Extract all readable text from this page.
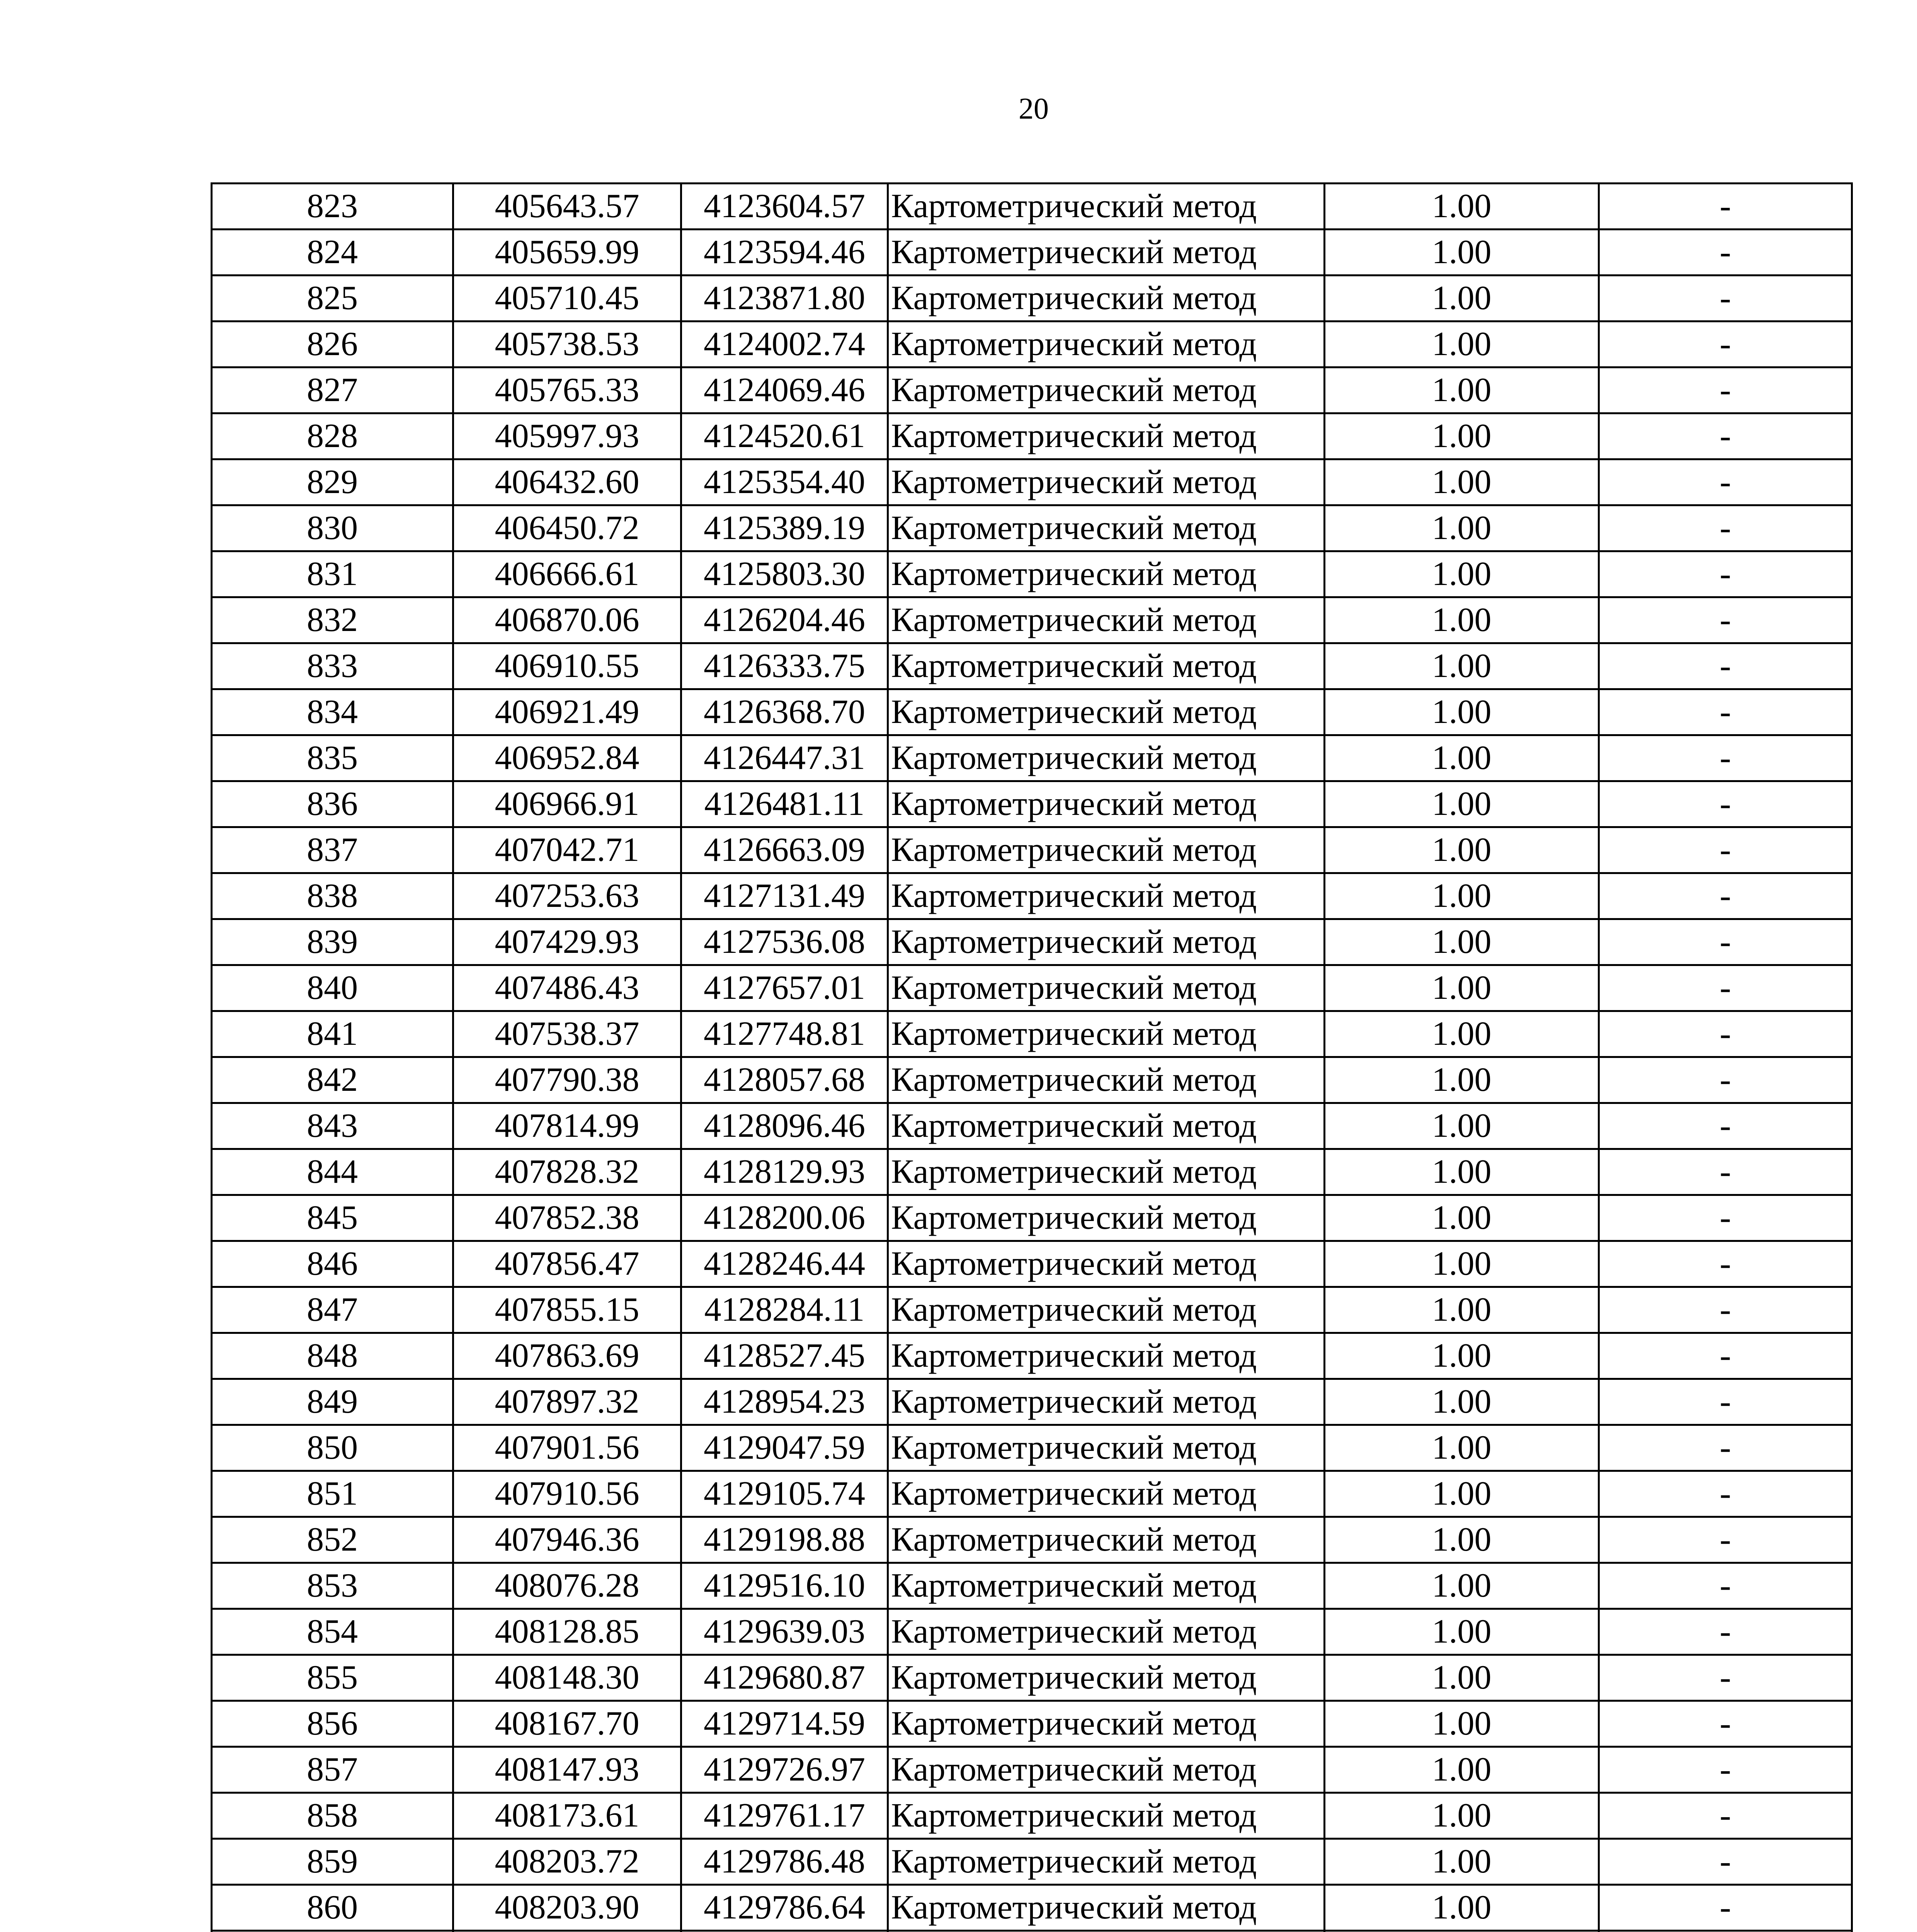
20
823	405643.57	4123604.57	Картометрический метод	1.00	-
824	405659.99	4123594.46	Картометрический метод	1.00	-
825	405710.45	4123871.80	Картометрический метод	1.00	-
826	405738.53	4124002.74	Картометрический метод	1.00	-
827	405765.33	4124069.46	Картометрический метод	1.00	-
828	405997.93	4124520.61	Картометрический метод	1.00	-
829	406432.60	4125354.40	Картометрический метод	1.00	-
830	406450.72	4125389.19	Картометрический метод	1.00	-
831	406666.61	4125803.30	Картометрический метод	1.00	-
832	406870.06	4126204.46	Картометрический метод	1.00	-
833	406910.55	4126333.75	Картометрический метод	1.00	-
834	406921.49	4126368.70	Картометрический метод	1.00	-
835	406952.84	4126447.31	Картометрический метод	1.00	-
836	406966.91	4126481.11	Картометрический метод	1.00	-
837	407042.71	4126663.09	Картометрический метод	1.00	-
838	407253.63	4127131.49	Картометрический метод	1.00	-
839	407429.93	4127536.08	Картометрический метод	1.00	-
840	407486.43	4127657.01	Картометрический метод	1.00	-
841	407538.37	4127748.81	Картометрический метод	1.00	-
842	407790.38	4128057.68	Картометрический метод	1.00	-
843	407814.99	4128096.46	Картометрический метод	1.00	-
844	407828.32	4128129.93	Картометрический метод	1.00	-
845	407852.38	4128200.06	Картометрический метод	1.00	-
846	407856.47	4128246.44	Картометрический метод	1.00	-
847	407855.15	4128284.11	Картометрический метод	1.00	-
848	407863.69	4128527.45	Картометрический метод	1.00	-
849	407897.32	4128954.23	Картометрический метод	1.00	-
850	407901.56	4129047.59	Картометрический метод	1.00	-
851	407910.56	4129105.74	Картометрический метод	1.00	-
852	407946.36	4129198.88	Картометрический метод	1.00	-
853	408076.28	4129516.10	Картометрический метод	1.00	-
854	408128.85	4129639.03	Картометрический метод	1.00	-
855	408148.30	4129680.87	Картометрический метод	1.00	-
856	408167.70	4129714.59	Картометрический метод	1.00	-
857	408147.93	4129726.97	Картометрический метод	1.00	-
858	408173.61	4129761.17	Картометрический метод	1.00	-
859	408203.72	4129786.48	Картометрический метод	1.00	-
860	408203.90	4129786.64	Картометрический метод	1.00	-
